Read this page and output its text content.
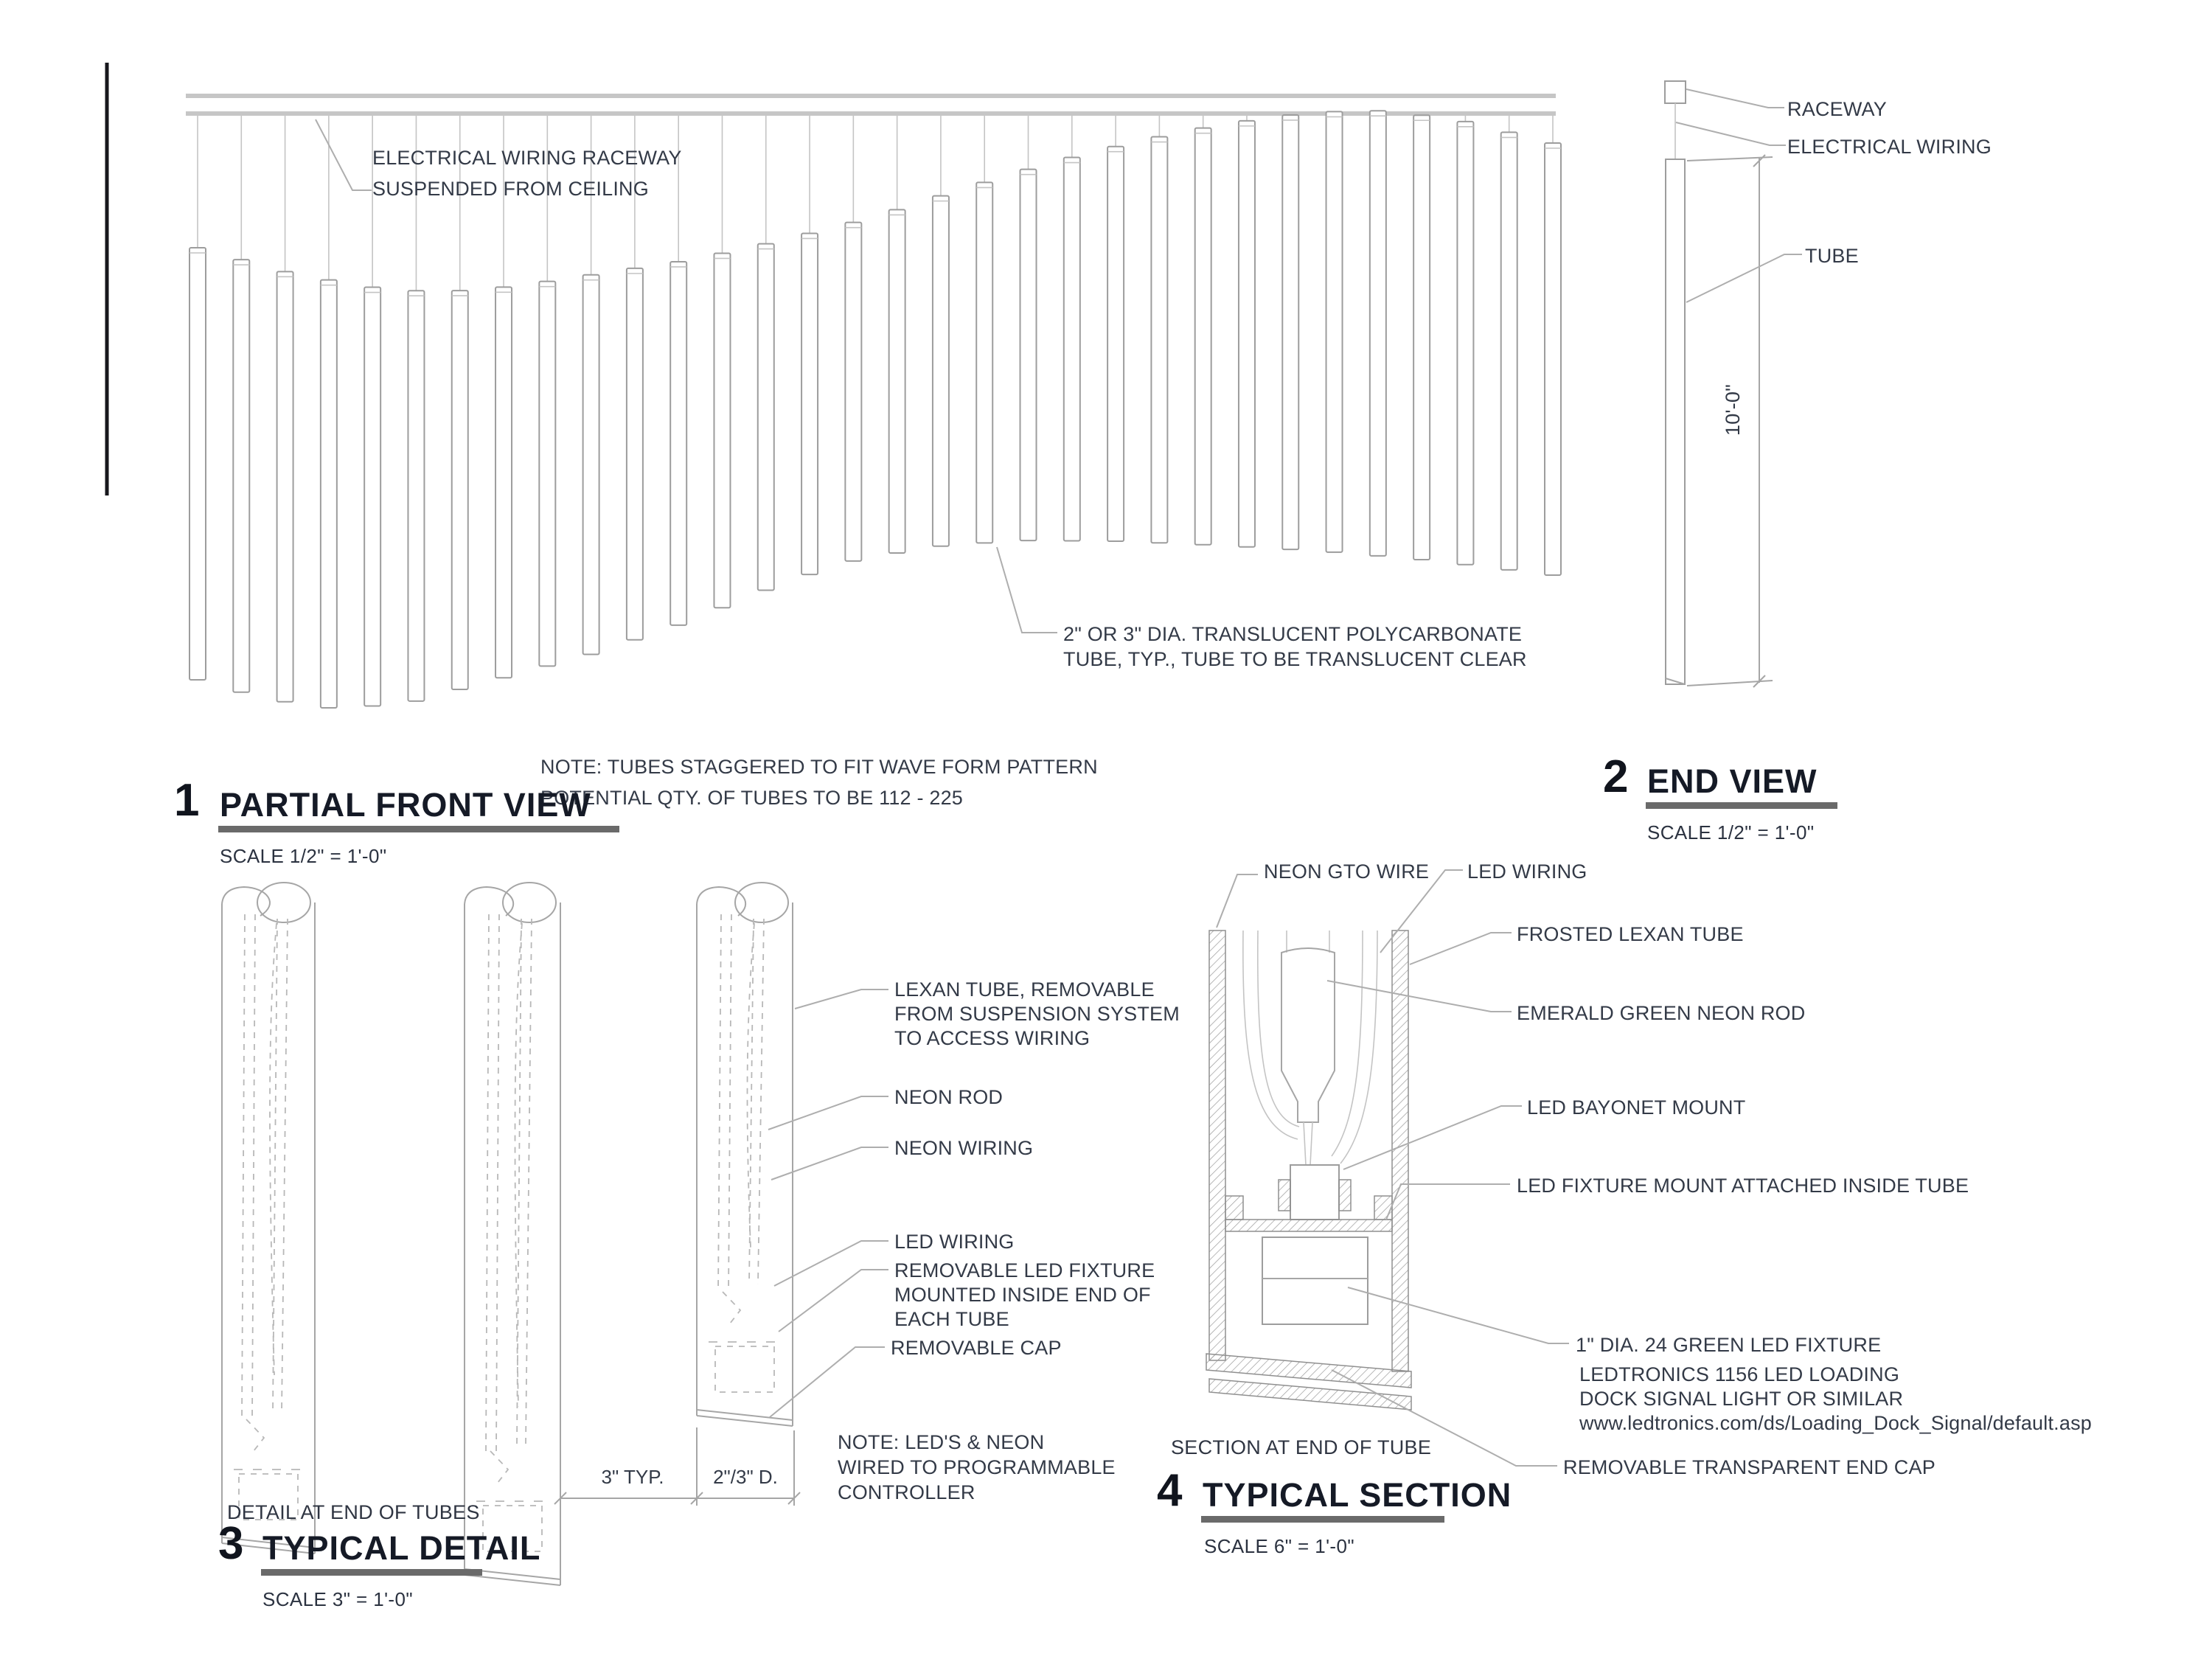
ELECTRICAL WIRING RACEWAY
SUSPENDED FROM CEILING
2" OR 3" DIA. TRANSLUCENT POLYCARBONATE
TUBE, TYP., TUBE TO BE TRANSLUCENT CLEAR
NOTE: TUBES STAGGERED TO FIT WAVE FORM PATTERN
POTENTIAL QTY. OF TUBES TO BE 112 - 225
1 PARTIAL FRONT VIEW
SCALE 1/2" = 1'-0"
RACEWAY
ELECTRICAL WIRING
TUBE
10'-0"
2 END VIEW
SCALE 1/2" = 1'-0"
LEXAN TUBE, REMOVABLE
FROM SUSPENSION SYSTEM
TO ACCESS WIRING
NEON ROD
NEON WIRING
LED WIRING
REMOVABLE LED FIXTURE
MOUNTED INSIDE END OF
EACH TUBE
REMOVABLE CAP
3" TYP.	2"/3" D.
DETAIL AT END OF TUBES
3 TYPICAL DETAIL
SCALE 3" = 1'-0"
NOTE: LED'S & NEON
WIRED TO PROGRAMMABLE
CONTROLLER
NEON GTO WIRE LED WIRING
FROSTED LEXAN TUBE
EMERALD GREEN NEON ROD
LED BAYONET MOUNT
LED FIXTURE MOUNT ATTACHED INSIDE TUBE
1" DIA. 24 GREEN LED FIXTURE
LEDTRONICS 1156 LED LOADING
DOCK SIGNAL LIGHT OR SIMILAR
www.ledtronics.com/ds/Loading_Dock_Signal/default.asp
REMOVABLE TRANSPARENT END CAP
SECTION AT END OF TUBE
4 TYPICAL SECTION
SCALE 6" = 1'-0"
